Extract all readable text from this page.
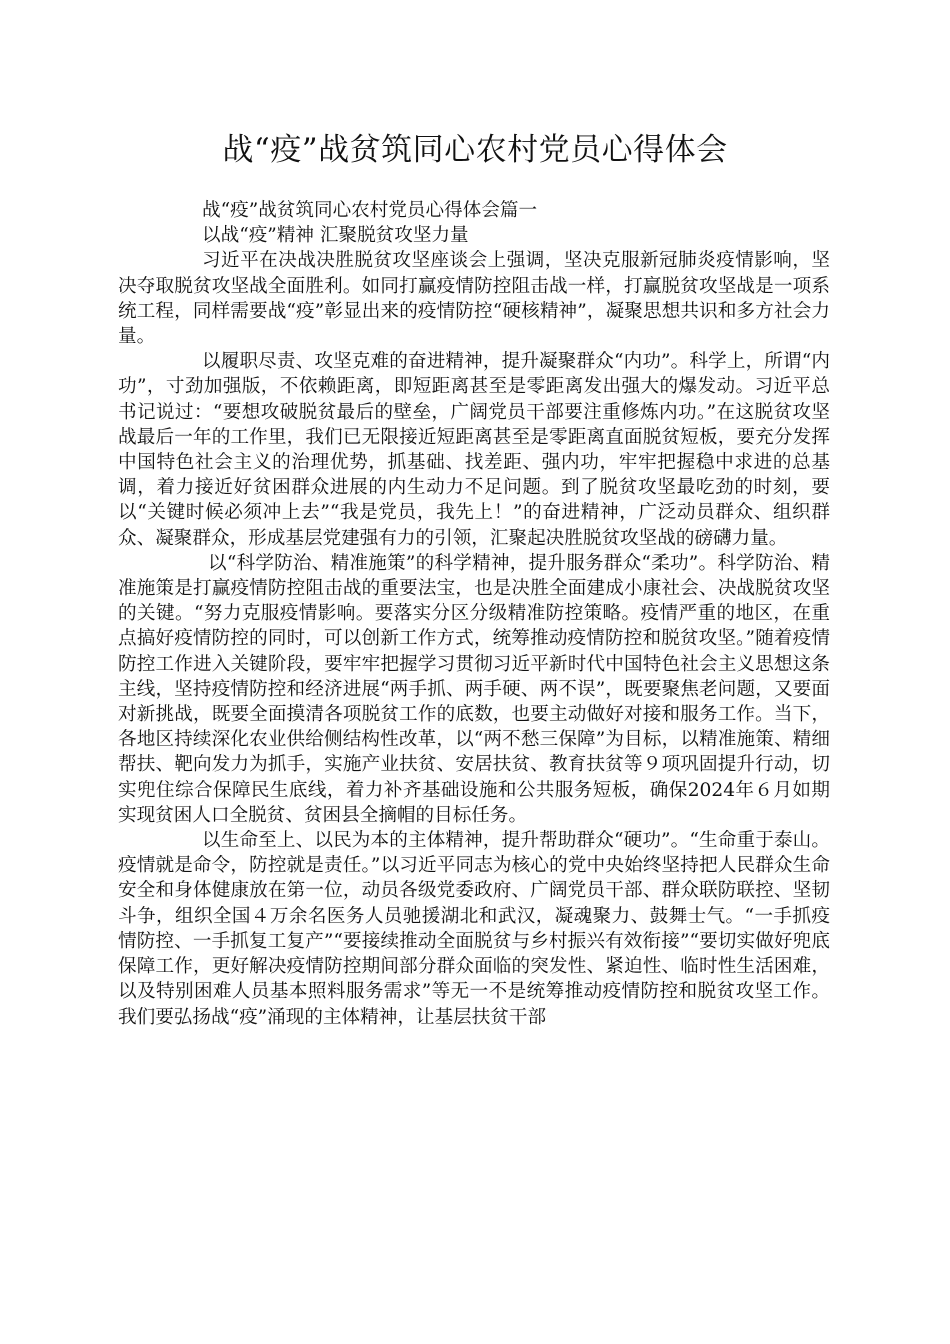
战“疫”战贫筑同心农村党员心得体会

战“疫”战贫筑同心农村党员心得体会篇一

以战“疫”精神 汇聚脱贫攻坚力量

习近平在决战决胜脱贫攻坚座谈会上强调，坚决克服新冠肺炎疫情影响，坚决夺取脱贫攻坚战全面胜利。如同打赢疫情防控阻击战一样，打赢脱贫攻坚战是一项系统工程，同样需要战“疫”彰显出来的疫情防控“硬核精神”，凝聚思想共识和多方社会力量。

以履职尽责、攻坚克难的奋进精神，提升凝聚群众“内功”。科学上，所谓“内功”，寸劲加强版，不依赖距离，即短距离甚至是零距离发出强大的爆发动。习近平总书记说过：“要想攻破脱贫最后的壁垒，广阔党员干部要注重修炼内功。”在这脱贫攻坚战最后一年的工作里，我们已无限接近短距离甚至是零距离直面脱贫短板，要充分发挥中国特色社会主义的治理优势，抓基础、找差距、强内功，牢牢把握稳中求进的总基调，着力接近好贫困群众进展的内生动力不足问题。到了脱贫攻坚最吃劲的时刻，要以“关键时候必须冲上去”“我是党员，我先上！”的奋进精神，广泛动员群众、组织群众、凝聚群众，形成基层党建强有力的引领，汇聚起决胜脱贫攻坚战的磅礴力量。

以“科学防治、精准施策”的科学精神，提升服务群众“柔功”。科学防治、精准施策是打赢疫情防控阻击战的重要法宝，也是决胜全面建成小康社会、决战脱贫攻坚的关键。“努力克服疫情影响。要落实分区分级精准防控策略。疫情严重的地区，在重点搞好疫情防控的同时，可以创新工作方式，统筹推动疫情防控和脱贫攻坚。”随着疫情防控工作进入关键阶段，要牢牢把握学习贯彻习近平新时代中国特色社会主义思想这条主线，坚持疫情防控和经济进展“两手抓、两手硬、两不误”，既要聚焦老问题，又要面对新挑战，既要全面摸清各项脱贫工作的底数，也要主动做好对接和服务工作。当下，各地区持续深化农业供给侧结构性改革，以“两不愁三保障”为目标，以精准施策、精细帮扶、靶向发力为抓手，实施产业扶贫、安居扶贫、教育扶贫等９项巩固提升行动，切实兜住综合保障民生底线，着力补齐基础设施和公共服务短板，确保2024年６月如期实现贫困人口全脱贫、贫困县全摘帽的目标任务。

以生命至上、以民为本的主体精神，提升帮助群众“硬功”。“生命重于泰山。疫情就是命令，防控就是责任。”以习近平同志为核心的党中央始终坚持把人民群众生命安全和身体健康放在第一位，动员各级党委政府、广阔党员干部、群众联防联控、坚韧斗争，组织全国４万余名医务人员驰援湖北和武汉，凝魂聚力、鼓舞士气。“一手抓疫情防控、一手抓复工复产”“要接续推动全面脱贫与乡村振兴有效衔接”“要切实做好兜底保障工作，更好解决疫情防控期间部分群众面临的突发性、紧迫性、临时性生活困难，以及特别困难人员基本照料服务需求”等无一不是统筹推动疫情防控和脱贫攻坚工作。我们要弘扬战“疫”涌现的主体精神，让基层扶贫干部
